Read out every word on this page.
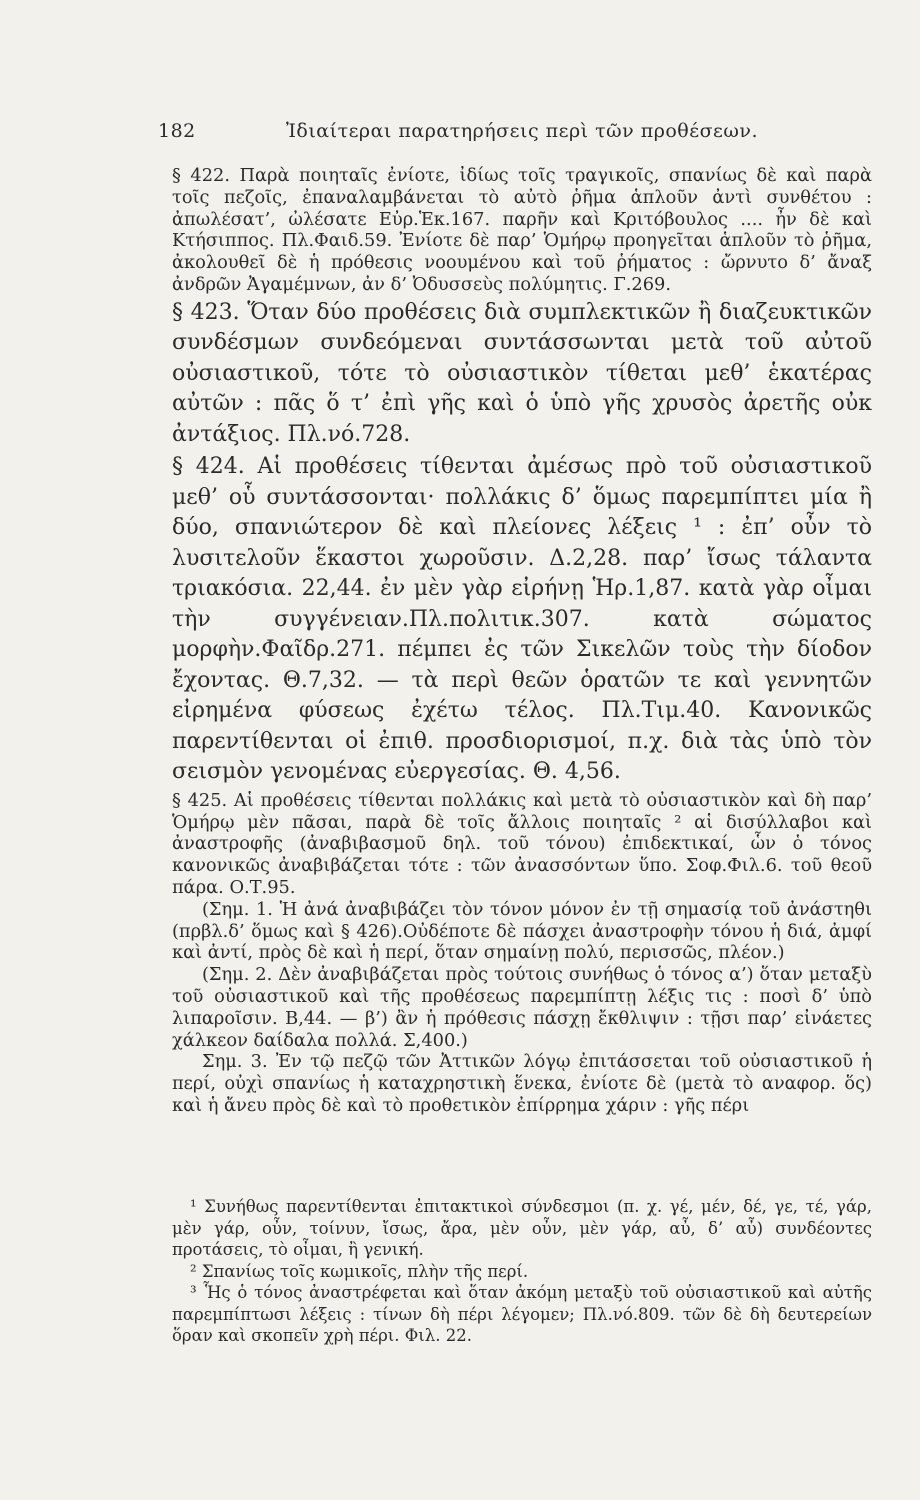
182	Ἰδιαίτεραι παρατηρήσεις περὶ τῶν προθέσεων.

§ 422. Παρὰ ποιηταῖς ἐνίοτε, ἰδίως τοῖς τραγικοῖς, σπανίως δὲ καὶ παρὰ τοῖς πεζοῖς, ἐπαναλαμβάνεται τὸ αὐτὸ ῥῆμα ἁπλοῦν ἀντὶ συνθέτου : ἀπωλέσατ’, ὠλέσατε Εὐρ.Ἑκ.167. παρῆν καὶ Κριτόβουλος .... ἦν δὲ καὶ Κτήσιππος. Πλ.Φαιδ.59. Ἐνίοτε δὲ παρ’ Ὁμήρῳ προηγεῖται ἁπλοῦν τὸ ῥῆμα, ἀκολουθεῖ δὲ ἡ πρόθεσις νοουμένου καὶ τοῦ ῥήματος : ὤρνυτο δ’ ἄναξ ἀνδρῶν Ἀγαμέμνων, ἀν δ’ Ὀδυσσεὺς πολύμητις. Γ.269.

§ 423. Ὅταν δύο προθέσεις διὰ συμπλεκτικῶν ἢ διαζευκτικῶν συνδέσμων συνδεόμεναι συντάσσωνται μετὰ τοῦ αὐτοῦ οὐσιαστικοῦ, τότε τὸ οὐσιαστικὸν τίθεται μεθ’ ἑκατέρας αὐτῶν : πᾶς ὅ τ’ ἐπὶ γῆς καὶ ὁ ὑπὸ γῆς χρυσὸς ἀρετῆς οὐκ ἀντάξιος. Πλ.νό.728.

§ 424. Αἱ προθέσεις τίθενται ἀμέσως πρὸ τοῦ οὐσιαστικοῦ μεθ’ οὗ συντάσσονται· πολλάκις δ’ ὅμως παρεμπίπτει μία ἢ δύο, σπανιώτερον δὲ καὶ πλείονες λέξεις ¹ : ἐπ’ οὖν τὸ λυσιτελοῦν ἕκαστοι χωροῦσιν. Δ.2,28. παρ’ ἴσως τάλαντα τριακόσια. 22,44. ἐν μὲν γὰρ εἰρήνῃ Ἡρ.1,87. κατὰ γὰρ οἶμαι τὴν συγγένειαν.Πλ.πολιτικ.307. κατὰ σώματος μορφὴν.Φαῖδρ.271. πέμπει ἐς τῶν Σικελῶν τοὺς τὴν δίοδον ἔχοντας. Θ.7,32. — τὰ περὶ θεῶν ὁρατῶν τε καὶ γεννητῶν εἰρημένα φύσεως ἐχέτω τέλος. Πλ.Τιμ.40. Κανονικῶς παρεντίθενται οἱ ἐπιθ. προσδιορισμοί, π.χ. διὰ τὰς ὑπὸ τὸν σεισμὸν γενομένας εὐεργεσίας. Θ. 4,56.

§ 425. Αἱ προθέσεις τίθενται πολλάκις καὶ μετὰ τὸ οὐσιαστικὸν καὶ δὴ παρ’ Ὁμήρῳ μὲν πᾶσαι, παρὰ δὲ τοῖς ἄλλοις ποιηταῖς ² αἱ δισύλλαβοι καὶ ἀναστροφῆς (ἀναβιβασμοῦ δηλ. τοῦ τόνου) ἐπιδεκτικαί, ὧν ὁ τόνος κανονικῶς ἀναβιβάζεται τότε : τῶν ἀνασσόντων ὕπο. Σοφ.Φιλ.6. τοῦ θεοῦ πάρα. Ο.Τ.95.

(Σημ. 1. Ἡ ἀνά ἀναβιβάζει τὸν τόνον μόνον ἐν τῇ σημασίᾳ τοῦ ἀνάστηθι (πρβλ.δ’ ὅμως καὶ § 426).Οὐδέποτε δὲ πάσχει ἀναστροφὴν τόνου ἡ διά, ἀμφί καὶ ἀντί, πρὸς δὲ καὶ ἡ περί, ὅταν σημαίνῃ πολύ, περισσῶς, πλέον.)

(Σημ. 2. Δὲν ἀναβιβάζεται πρὸς τούτοις συνήθως ὁ τόνος α’) ὅταν μεταξὺ τοῦ οὐσιαστικοῦ καὶ τῆς προθέσεως παρεμπίπτῃ λέξις τις : ποσὶ δ’ ὑπὸ λιπαροῖσιν. Β,44. — β’) ἂν ἡ πρόθεσις πάσχῃ ἔκθλιψιν : τῇσι παρ’ εἰνάετες χάλκεον δαίδαλα πολλά. Σ,400.)

Σημ. 3. Ἐν τῷ πεζῷ τῶν Ἀττικῶν λόγῳ ἐπιτάσσεται τοῦ οὐσιαστικοῦ ἡ περί, οὐχὶ σπανίως ἡ καταχρηστικὴ ἕνεκα, ἐνίοτε δὲ (μετὰ τὸ αναφορ. ὅς) καὶ ἡ ἄνευ πρὸς δὲ καὶ τὸ προθετικὸν ἐπίρρημα χάριν : γῆς πέρι

¹ Συνήθως παρεντίθενται ἐπιτακτικοὶ σύνδεσμοι (π. χ. γέ, μέν, δέ, γε, τέ, γάρ, μὲν γάρ, οὖν, τοίνυν, ἴσως, ἄρα, μὲν οὖν, μὲν γάρ, αὖ, δ’ αὖ) συνδέοντες προτάσεις, τὸ οἶμαι, ἢ γενική.

² Σπανίως τοῖς κωμικοῖς, πλὴν τῆς περί.

³ Ἧς ὁ τόνος ἀναστρέφεται καὶ ὅταν ἀκόμη μεταξὺ τοῦ οὐσιαστικοῦ καὶ αὐτῆς παρεμπίπτωσι λέξεις : τίνων δὴ πέρι λέγομεν; Πλ.νό.809. τῶν δὲ δὴ δευτερείων ὅραν καὶ σκοπεῖν χρὴ πέρι. Φιλ. 22.
